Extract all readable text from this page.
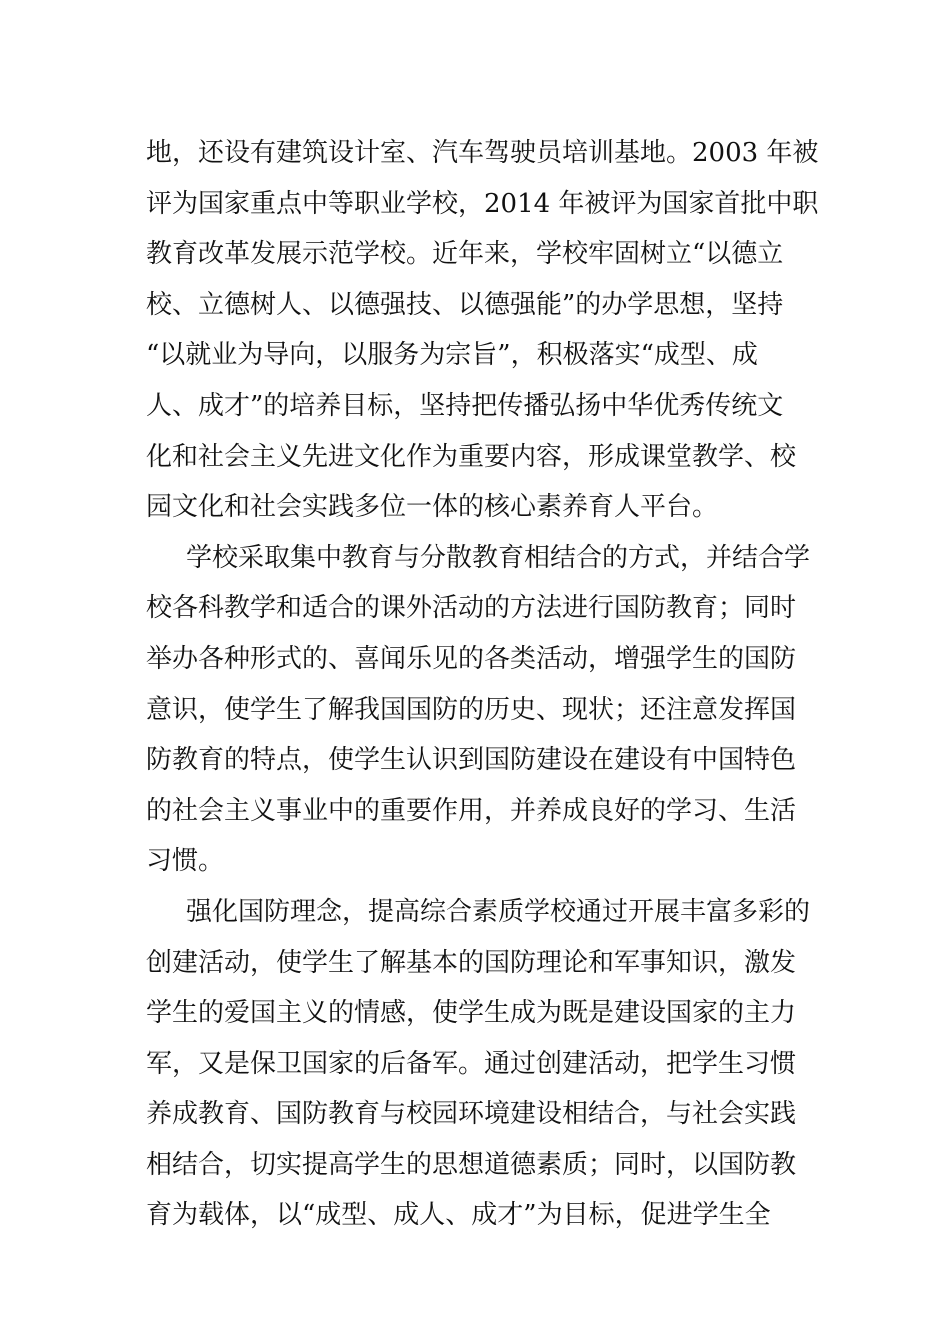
地，还设有建筑设计室、汽车驾驶员培训基地。2003 年被
评为国家重点中等职业学校，2014 年被评为国家首批中职
教育改革发展示范学校。近年来，学校牢固树立“以德立
校、立德树人、以德强技、以德强能”的办学思想，坚持
“以就业为导向，以服务为宗旨”，积极落实“成型、成
人、成才”的培养目标，坚持把传播弘扬中华优秀传统文
化和社会主义先进文化作为重要内容，形成课堂教学、校
园文化和社会实践多位一体的核心素养育人平台。
学校采取集中教育与分散教育相结合的方式，并结合学
校各科教学和适合的课外活动的方法进行国防教育；同时
举办各种形式的、喜闻乐见的各类活动，增强学生的国防
意识，使学生了解我国国防的历史、现状；还注意发挥国
防教育的特点，使学生认识到国防建设在建设有中国特色
的社会主义事业中的重要作用，并养成良好的学习、生活
习惯。
强化国防理念，提高综合素质学校通过开展丰富多彩的
创建活动，使学生了解基本的国防理论和军事知识，激发
学生的爱国主义的情感，使学生成为既是建设国家的主力
军，又是保卫国家的后备军。通过创建活动，把学生习惯
养成教育、国防教育与校园环境建设相结合，与社会实践
相结合，切实提高学生的思想道德素质；同时，以国防教
育为载体，以“成型、成人、成才”为目标，促进学生全
